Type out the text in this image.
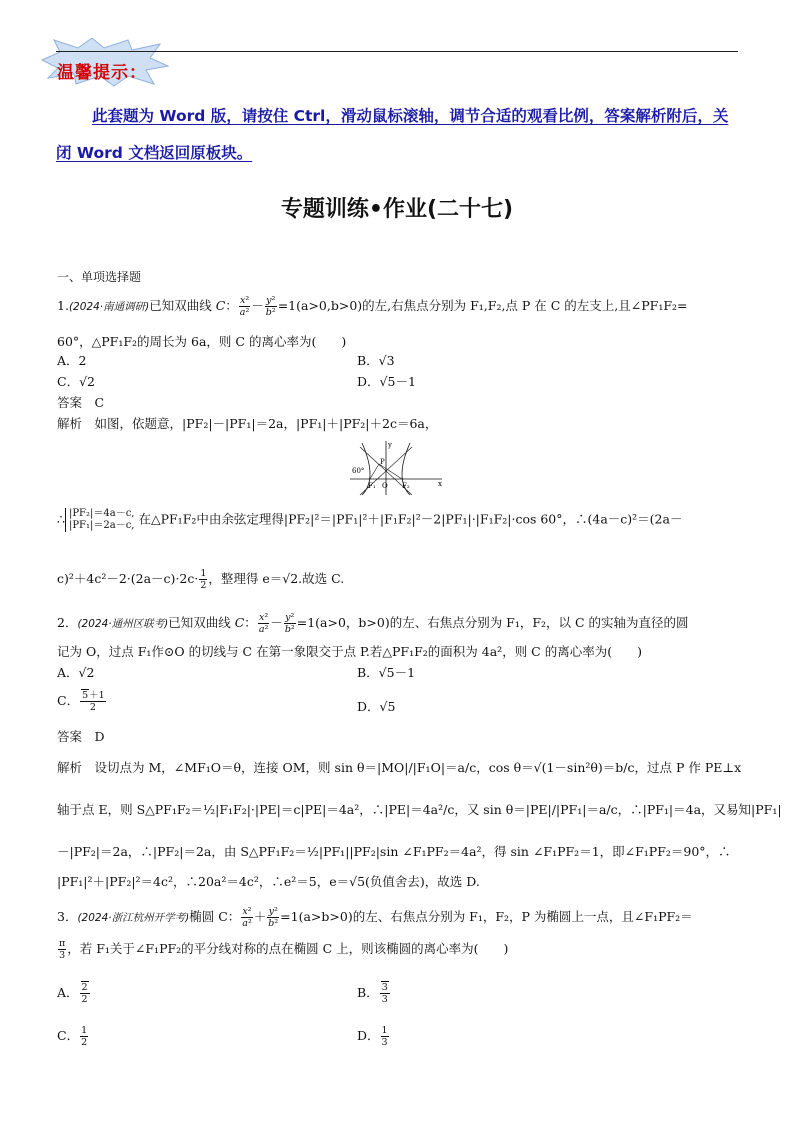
温馨提示：
此套题为 Word 版，请按住 Ctrl，滑动鼠标滚轴，调节合适的观看比例，答案解析附后，关闭 Word 文档返回原板块。
专题训练•作业(二十七)
一、单项选择题
1.(2024·南通调研)已知双曲线 C： $\frac{\text{x²}}{\text{a²}} - \frac{\text{y²}}{\text{b²}} =1(a>0,b>0)$的左,右焦点分别为 F₁,F₂,点 P 在 C 的左支上,且∠PF₁F₂=
60°，△PF₁F₂的周长为 6a，则 C 的离心率为(　　)
A．2	B．√3
C．√2	D．√5－1
答案　 C
解析　 如图，依题意，|PF₂|－|PF₁|＝2a，|PF₁|＋|PF₂|＋2c＝6a，
P
60°
F₁ O F₂
y
x
∴ |PF₂|＝4a－c,
|PF₁|＝2a－c, 在△PF₁F₂中由余弦定理得|PF₂|²＝|PF₁|²＋|F₁F₂|²－2|PF₁|·|F₁F₂|·cos 60°，∴(4a－c)²＝(2a－
$c)^2+4c^2-2\cdot(2a-c)\cdot 2c\cdot \frac{1}{2}$ ，整理得 e＝√2.故选 C.
2．(2024·通州区联考)已知双曲线 C： $\frac{\text{x²}}{\text{a²}} - \frac{\text{y²}}{\text{b²}} =1(a>0$，b>0)的左、右焦点分别为 F₁，F₂，以 C 的实轴为直径的圆
记为 O，过点 F₁作⊙O 的切线与 C 在第一象限交于点 P.若△PF₁F₂的面积为 4a²，则 C 的离心率为(　　)
A．√2	B．√5－1
C． $\frac{5+1}{2}$	D．√5
答案　 D
解析　 设切点为 M，∠MF₁O＝θ，连接 OM，则 sin θ＝|MO|/|F₁O|＝a/c，cos θ＝√(1－sin²θ)＝b/c，过点 P 作 PE⊥x
轴于点 E，则 S△PF₁F₂＝½|F₁F₂|·|PE|＝c|PE|＝4a²，∴|PE|＝4a²/c，又 sin θ＝|PE|/|PF₁|＝a/c，∴|PF₁|＝4a，又易知|PF₁|
－|PF₂|＝2a，∴|PF₂|＝2a，由 S△PF₁F₂＝½|PF₁||PF₂|sin ∠F₁PF₂＝4a²，得 sin ∠F₁PF₂＝1，即∠F₁PF₂＝90°，∴
|PF₁|²＋|PF₂|²＝4c²，∴20a²＝4c²，∴e²＝5，e＝√5(负值舍去)，故选 D.
3．(2024·浙江杭州开学考)椭圆 C： $\frac{\text{x²}}{\text{a²}} + \frac{\text{y²}}{\text{b²}} =1(a>b>0)$的左、右焦点分别为 F₁，F₂，P 为椭圆上一点，且∠F₁PF₂＝
$\frac{\pi}{3}$ ，若 F₁关于∠F₁PF₂的平分线对称的点在椭圆 C 上，则该椭圆的离心率为(　　)
A． $\frac{2}{2}$	B． $\frac{3}{3}$
C． $\frac{1}{2}$	D． $\frac{1}{3}$
